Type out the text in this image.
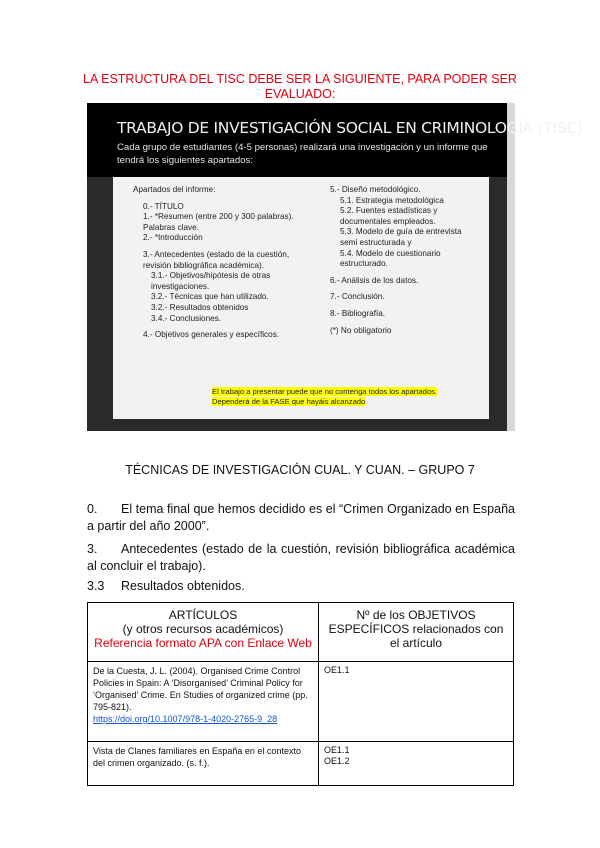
LA ESTRUCTURA DEL TISC DEBE SER LA SIGUIENTE, PARA PODER SER EVALUADO:
TRABAJO DE INVESTIGACIÓN SOCIAL EN CRIMINOLOGÍA (TISC)
Cada grupo de estudiantes (4-5 personas) realizará una investigación y un informe que tendrá los siguientes apartados:
Apartados del informe:
0.- TÍTULO
1.- *Resumen (entre 200 y 300 palabras). Palabras clave.
2.- *Introducción
3.- Antecedentes (estado de la cuestión, revisión bibliográfica académica).
3.1.- Objetivos/hipótesis de otras investigaciones.
3.2.- Técnicas que han utilizado.
3.2.- Resultados obtenidos
3.4.- Conclusiones.
4.- Objetivos generales y específicos.
5.- Diseño metodológico.
5.1. Estrategia metodológica
5.2. Fuentes estadísticas y documentales empleados.
5.3. Modelo de guía de entrevista semi estructurada y
5.4. Modelo de cuestionario estructurado.
6.- Análisis de los datos.
7.- Conclusión.
8.- Bibliografía.
(*) No obligatorio
El trabajo a presentar puede que no contenga todos los apartados.
Dependerá de la FASE que hayáis alcanzado
TÉCNICAS DE INVESTIGACIÓN CUAL. Y CUAN. – GRUPO 7
0. El tema final que hemos decidido es el “Crimen Organizado en España a partir del año 2000”.
3. Antecedentes (estado de la cuestión, revisión bibliográfica académica al concluir el trabajo).
3.3 Resultados obtenidos.
ARTÍCULOS
(y otros recursos académicos)
Referencia formato APA con Enlace Web	Nº de los OBJETIVOS ESPECÍFICOS relacionados con el artículo
De la Cuesta, J. L. (2004). Organised Crime Control Policies in Spain: A ‘Disorganised’ Criminal Policy for ‘Organised’ Crime. En Studies of organized crime (pp. 795-821).
https://doi.org/10.1007/978-1-4020-2765-9_28	OE1.1

Vista de Clanes familiares en España en el contexto del crimen organizado. (s. f.).	OE1.1
OE1.2
